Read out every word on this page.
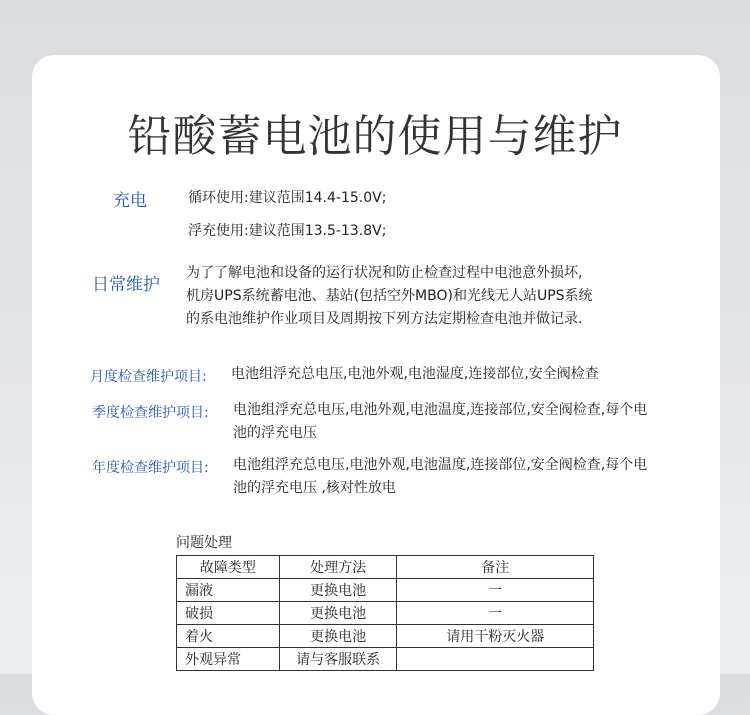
铅酸蓄电池的使用与维护
充电	循环使用:建议范围14.4-15.0V;
浮充使用:建议范围13.5-13.8V;
日常维护
为了了解电池和设备的运行状况和防止检查过程中电池意外损坏,
机房UPS系统蓄电池、基站(包括空外MBO)和光线无人站UPS系统
的系电池维护作业项目及周期按下列方法定期检查电池并做记录.
月度检查维护项目: 电池组浮充总电压,电池外观,电池湿度,连接部位,安全阀检查
季度检查维护项目: 电池组浮充总电压,电池外观,电池温度,连接部位,安全阀检查,每个电
池的浮充电压
年度检查维护项目: 电池组浮充总电压,电池外观,电池温度,连接部位,安全阀检查,每个电
池的浮充电压 ,核对性放电
问题处理
故障类型	处理方法	备注
漏液	更换电池	一
破损	更换电池	一
着火	更换电池	请用干粉灭火器
外观异常	请与客服联系	
